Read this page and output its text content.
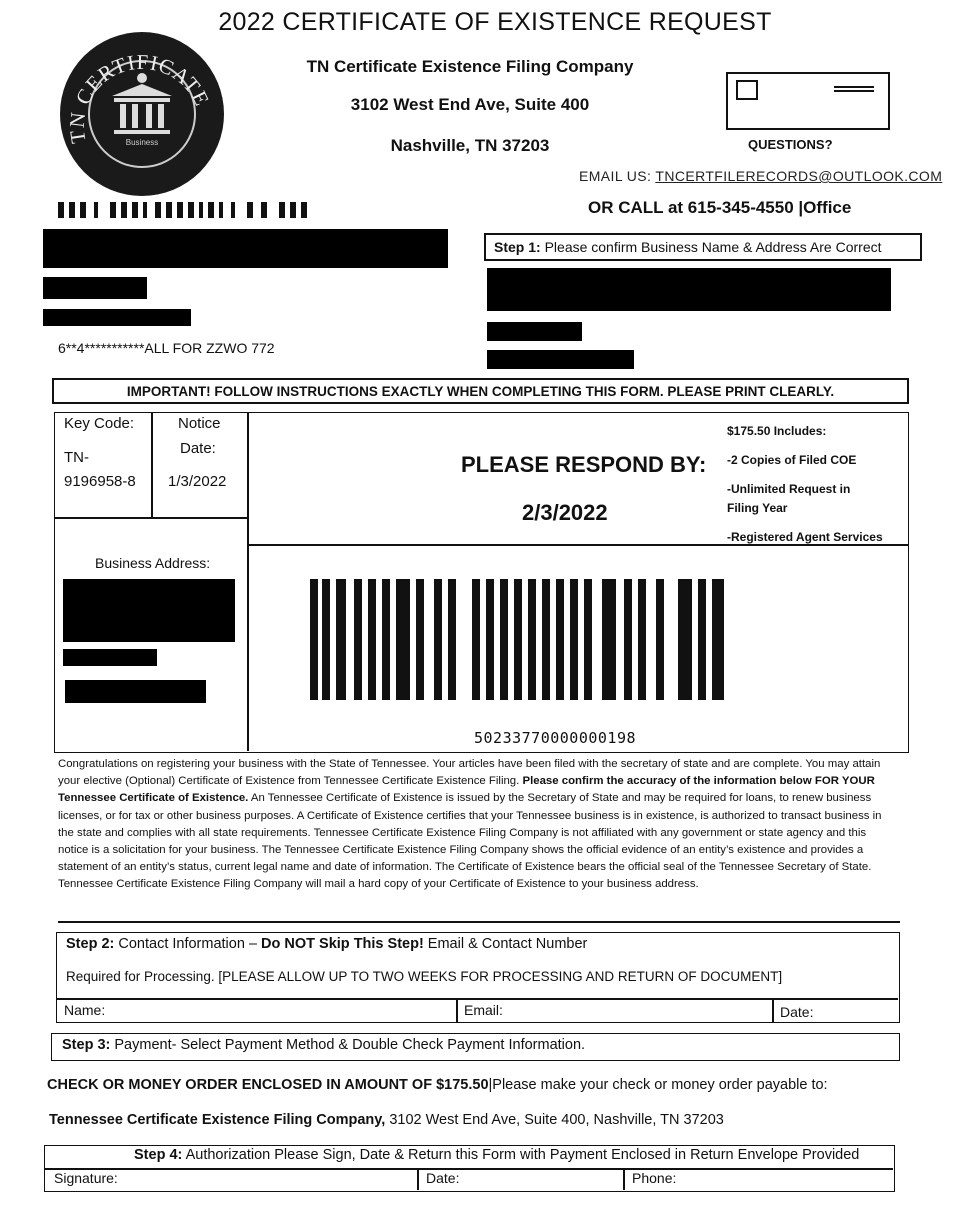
2022 CERTIFICATE OF EXISTENCE REQUEST
Business
TN CERTIFICATE
TN Certificate Existence Filing Company
3102 West End Ave, Suite 400
Nashville, TN 37203	QUESTIONS?
EMAIL US: TNCERTFILERECORDS@OUTLOOK.COM
OR CALL at 615-345-4550 |Office
6**4***********ALL FOR ZZWO 772
Step 1: Please confirm Business Name & Address Are Correct
IMPORTANT! FOLLOW INSTRUCTIONS EXACTLY WHEN COMPLETING THIS FORM. PLEASE PRINT CLEARLY.
Key Code:
TN-
9196958-8
Notice
Date:
1/3/2022
PLEASE RESPOND BY:
2/3/2022
$175.50 Includes:
-2 Copies of Filed COE
-Unlimited Request in
Filing Year
-Registered Agent Services
Business Address:
50233770000000198
Congratulations on registering your business with the State of Tennessee. Your articles have been filed with the secretary of state and are complete. You may attain your elective (Optional) Certificate of Existence from Tennessee Certificate Existence Filing. Please confirm the accuracy of the information below FOR YOUR Tennessee Certificate of Existence. An Tennessee Certificate of Existence is issued by the Secretary of State and may be required for loans, to renew business licenses, or for tax or other business purposes. A Certificate of Existence certifies that your Tennessee business is in existence, is authorized to transact business in the state and complies with all state requirements. Tennessee Certificate Existence Filing Company is not affiliated with any government or state agency and this notice is a solicitation for your business. The Tennessee Certificate Existence Filing Company shows the official evidence of an entity’s existence and provides a statement of an entity’s status, current legal name and date of information. The Certificate of Existence bears the official seal of the Tennessee Secretary of State. Tennessee Certificate Existence Filing Company will mail a hard copy of your Certificate of Existence to your business address.
Step 2: Contact Information – Do NOT Skip This Step! Email & Contact Number
Required for Processing. [PLEASE ALLOW UP TO TWO WEEKS FOR PROCESSING AND RETURN OF DOCUMENT]
Name:	Email:	Date:
Step 3: Payment- Select Payment Method & Double Check Payment Information.
CHECK OR MONEY ORDER ENCLOSED IN AMOUNT OF $175.50|Please make your check or money order payable to:
Tennessee Certificate Existence Filing Company, 3102 West End Ave, Suite 400, Nashville, TN 37203
Step 4: Authorization Please Sign, Date & Return this Form with Payment Enclosed in Return Envelope Provided
Signature:	Date:	Phone:
